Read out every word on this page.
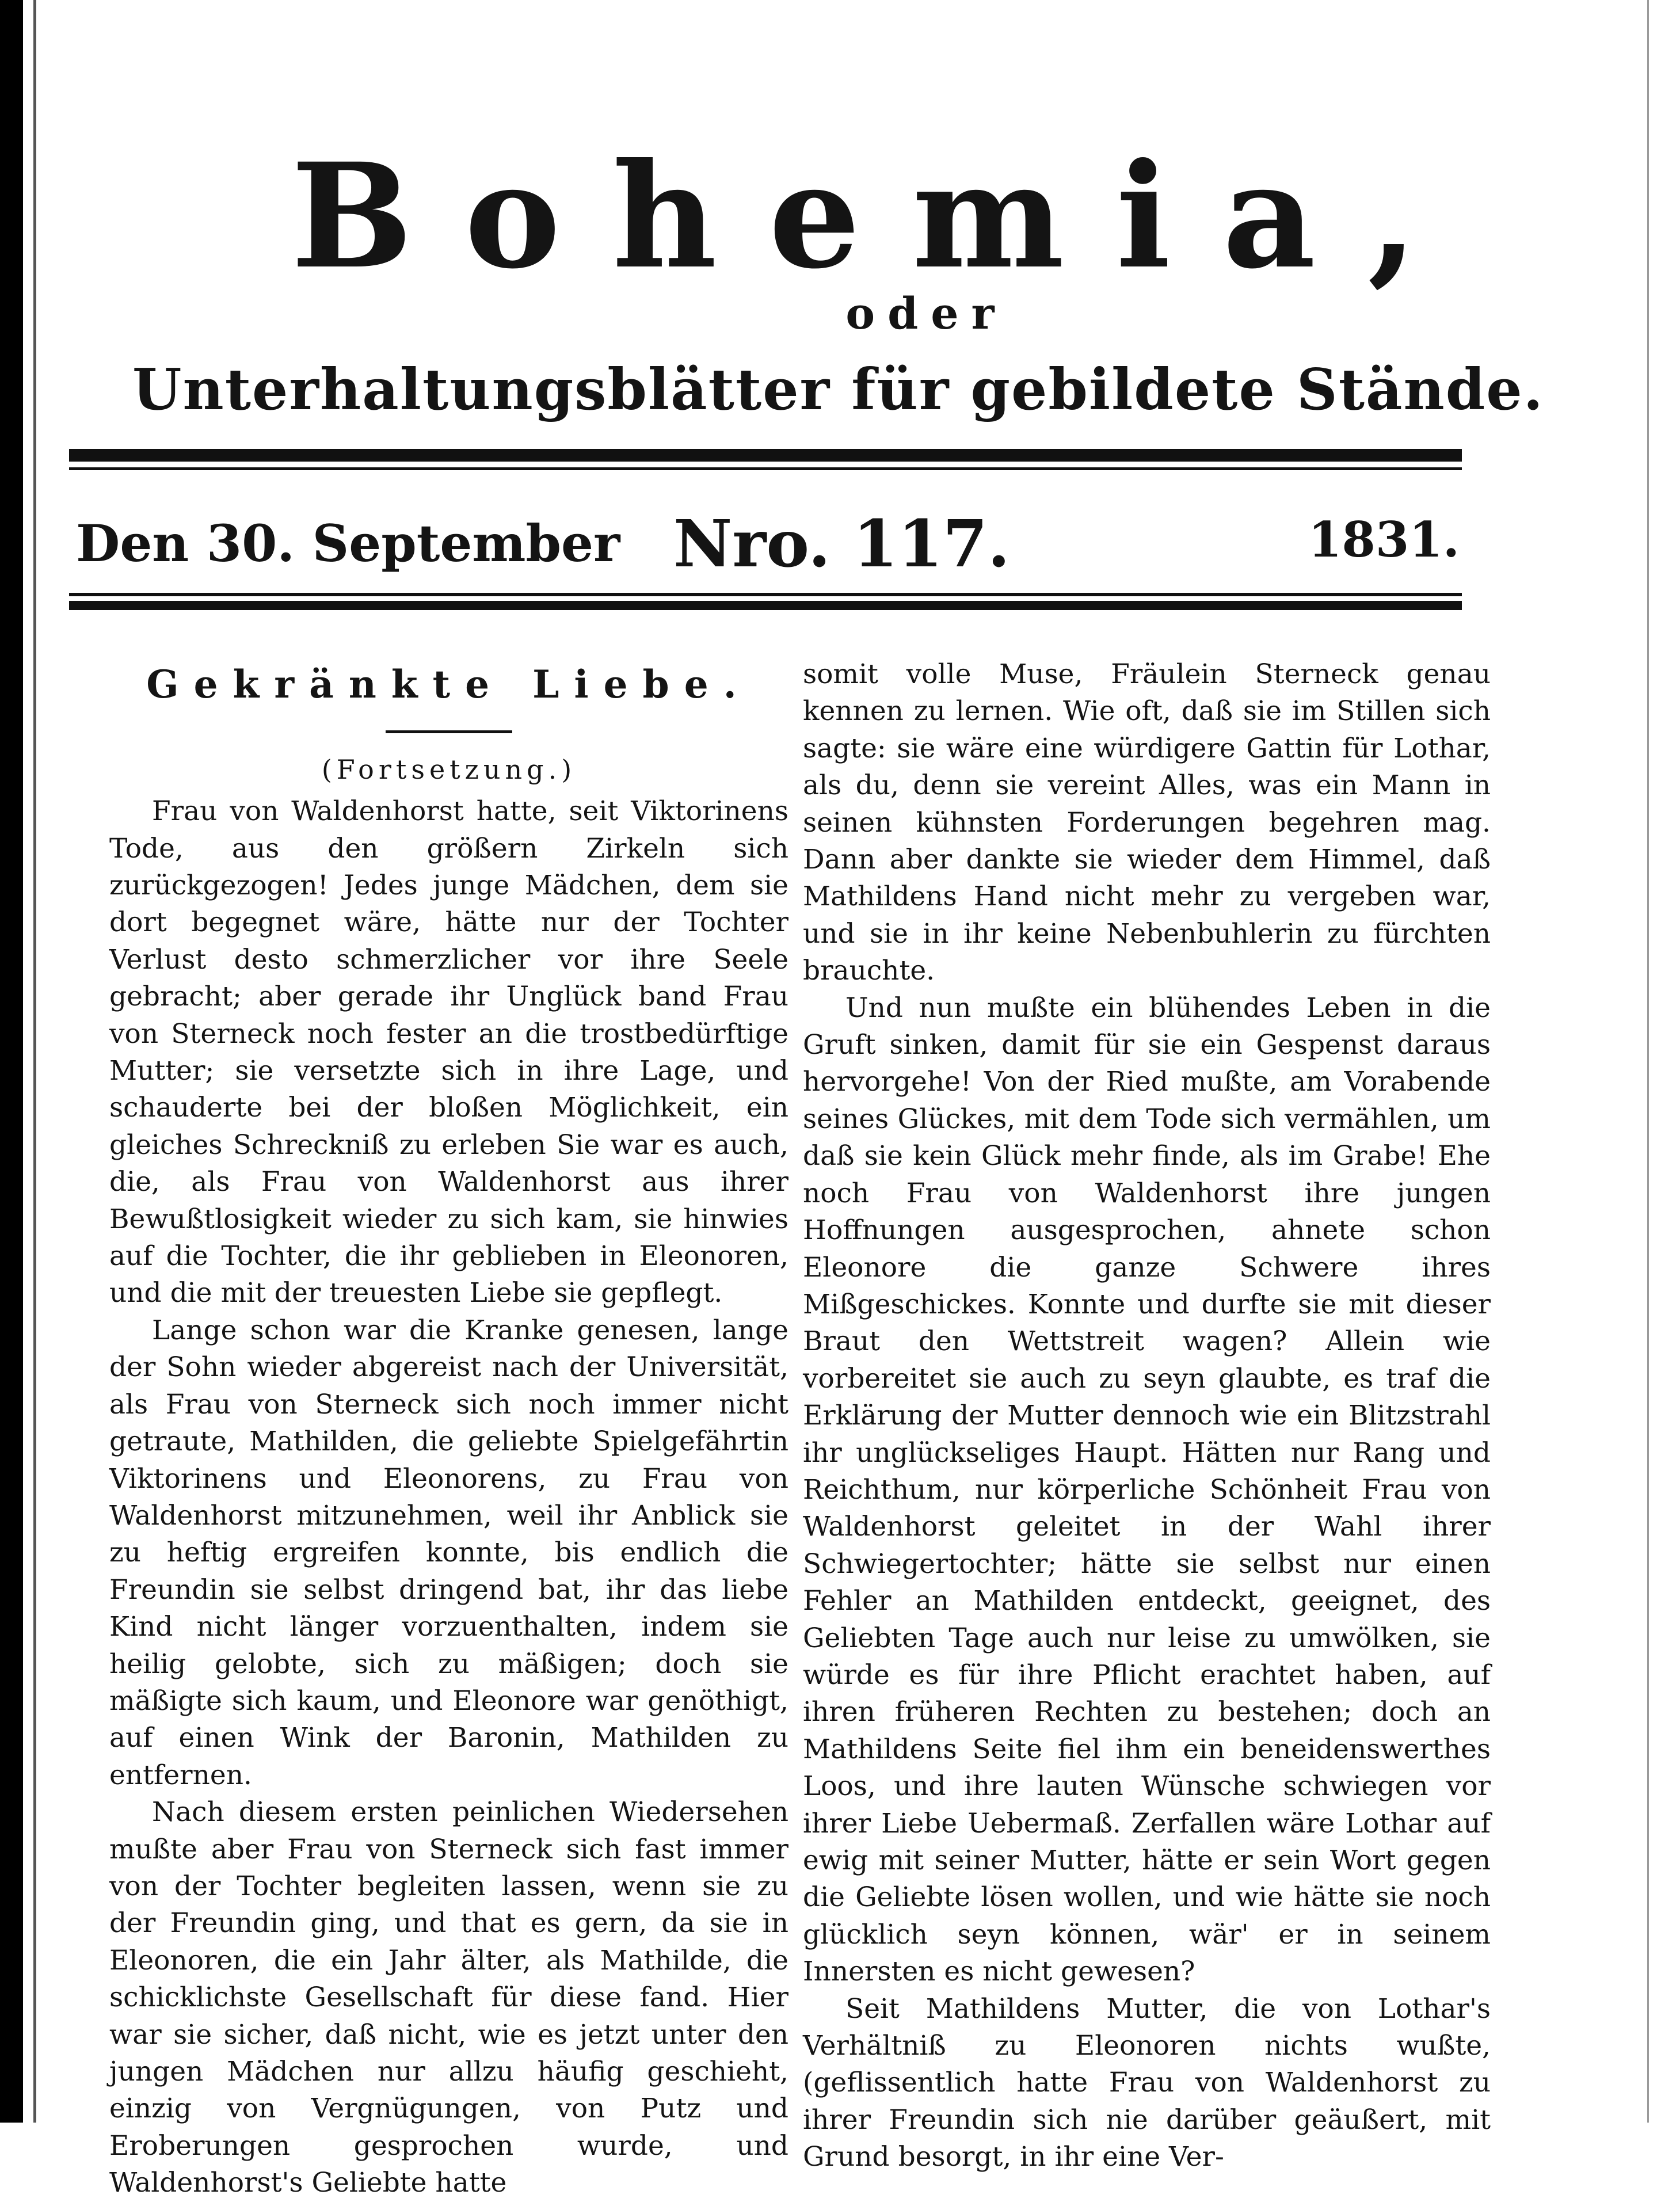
Bohemia,
oder
Unterhaltungsblätter für gebildete Stände.
Den 30. September Nro. 117.	1831.
Gekränkte Liebe.
(Fortsetzung.)

Frau von Waldenhorst hatte, seit Viktorinens Tode, aus den größern Zirkeln sich zurückgezogen! Jedes junge Mädchen, dem sie dort begegnet wäre, hätte nur der Tochter Verlust desto schmerzlicher vor ihre Seele gebracht; aber gerade ihr Unglück band Frau von Sterneck noch fester an die trostbedürftige Mutter; sie versetzte sich in ihre Lage, und schauderte bei der bloßen Möglichkeit, ein gleiches Schreckniß zu erleben Sie war es auch, die, als Frau von Waldenhorst aus ihrer Bewußtlosigkeit wieder zu sich kam, sie hinwies auf die Tochter, die ihr geblieben in Eleonoren, und die mit der treuesten Liebe sie gepflegt.

Lange schon war die Kranke genesen, lange der Sohn wieder abgereist nach der Universität, als Frau von Sterneck sich noch immer nicht getraute, Mathilden, die geliebte Spielgefährtin Viktorinens und Eleonorens, zu Frau von Waldenhorst mitzunehmen, weil ihr Anblick sie zu heftig ergreifen konnte, bis endlich die Freundin sie selbst dringend bat, ihr das liebe Kind nicht länger vorzuenthalten, indem sie heilig gelobte, sich zu mäßigen; doch sie mäßigte sich kaum, und Eleonore war genöthigt, auf einen Wink der Baronin, Mathilden zu entfernen.

Nach diesem ersten peinlichen Wiedersehen mußte aber Frau von Sterneck sich fast immer von der Tochter begleiten lassen, wenn sie zu der Freundin ging, und that es gern, da sie in Eleonoren, die ein Jahr älter, als Mathilde, die schicklichste Gesellschaft für diese fand. Hier war sie sicher, daß nicht, wie es jetzt unter den jungen Mädchen nur allzu häufig geschieht, einzig von Vergnügungen, von Putz und Eroberungen gesprochen wurde, und Waldenhorst's Geliebte hatte

somit volle Muse, Fräulein Sterneck genau kennen zu lernen. Wie oft, daß sie im Stillen sich sagte: sie wäre eine würdigere Gattin für Lothar, als du, denn sie vereint Alles, was ein Mann in seinen kühnsten Forderungen begehren mag. Dann aber dankte sie wieder dem Himmel, daß Mathildens Hand nicht mehr zu vergeben war, und sie in ihr keine Nebenbuhlerin zu fürchten brauchte.

Und nun mußte ein blühendes Leben in die Gruft sinken, damit für sie ein Gespenst daraus hervorgehe! Von der Ried mußte, am Vorabende seines Glückes, mit dem Tode sich vermählen, um daß sie kein Glück mehr finde, als im Grabe! Ehe noch Frau von Waldenhorst ihre jungen Hoffnungen ausgesprochen, ahnete schon Eleonore die ganze Schwere ihres Mißgeschickes. Konnte und durfte sie mit dieser Braut den Wettstreit wagen? Allein wie vorbereitet sie auch zu seyn glaubte, es traf die Erklärung der Mutter dennoch wie ein Blitzstrahl ihr unglückseliges Haupt. Hätten nur Rang und Reichthum, nur körperliche Schönheit Frau von Waldenhorst geleitet in der Wahl ihrer Schwiegertochter; hätte sie selbst nur einen Fehler an Mathilden entdeckt, geeignet, des Geliebten Tage auch nur leise zu umwölken, sie würde es für ihre Pflicht erachtet haben, auf ihren früheren Rechten zu bestehen; doch an Mathildens Seite fiel ihm ein beneidenswerthes Loos, und ihre lauten Wünsche schwiegen vor ihrer Liebe Uebermaß. Zerfallen wäre Lothar auf ewig mit seiner Mutter, hätte er sein Wort gegen die Geliebte lösen wollen, und wie hätte sie noch glücklich seyn können, wär' er in seinem Innersten es nicht gewesen?

Seit Mathildens Mutter, die von Lothar's Verhältniß zu Eleonoren nichts wußte, (geflissentlich hatte Frau von Waldenhorst zu ihrer Freundin sich nie darüber geäußert, mit Grund besorgt, in ihr eine Ver-
